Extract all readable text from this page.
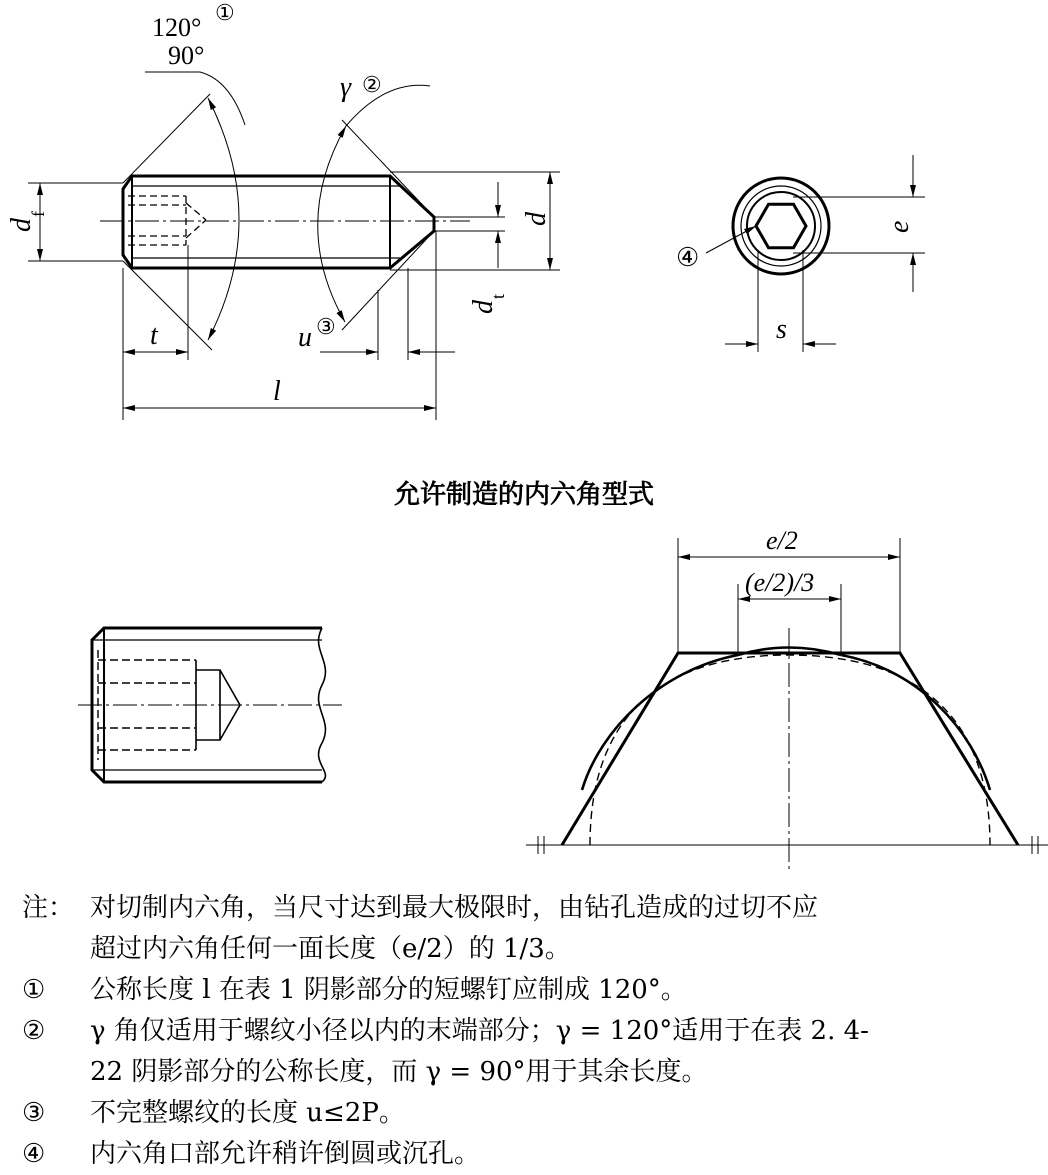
120°
90°
①
γ ②
d
f	d
d
t
t	u ③
l
e
s
④
允许制造的内六角型式
e/2
(e/2)/3
注： 对切制内六角，当尺寸达到最大极限时，由钻孔造成的过切不应
超过内六角任何一面长度（e/2）的 1/3。
①	公称长度 l 在表 1 阴影部分的短螺钉应制成 120°。
②	γ 角仅适用于螺纹小径以内的末端部分；γ = 120°适用于在表 2. 4-
22 阴影部分的公称长度，而 γ = 90°用于其余长度。
③	不完整螺纹的长度 u≤2P。
④	内六角口部允许稍许倒圆或沉孔。
